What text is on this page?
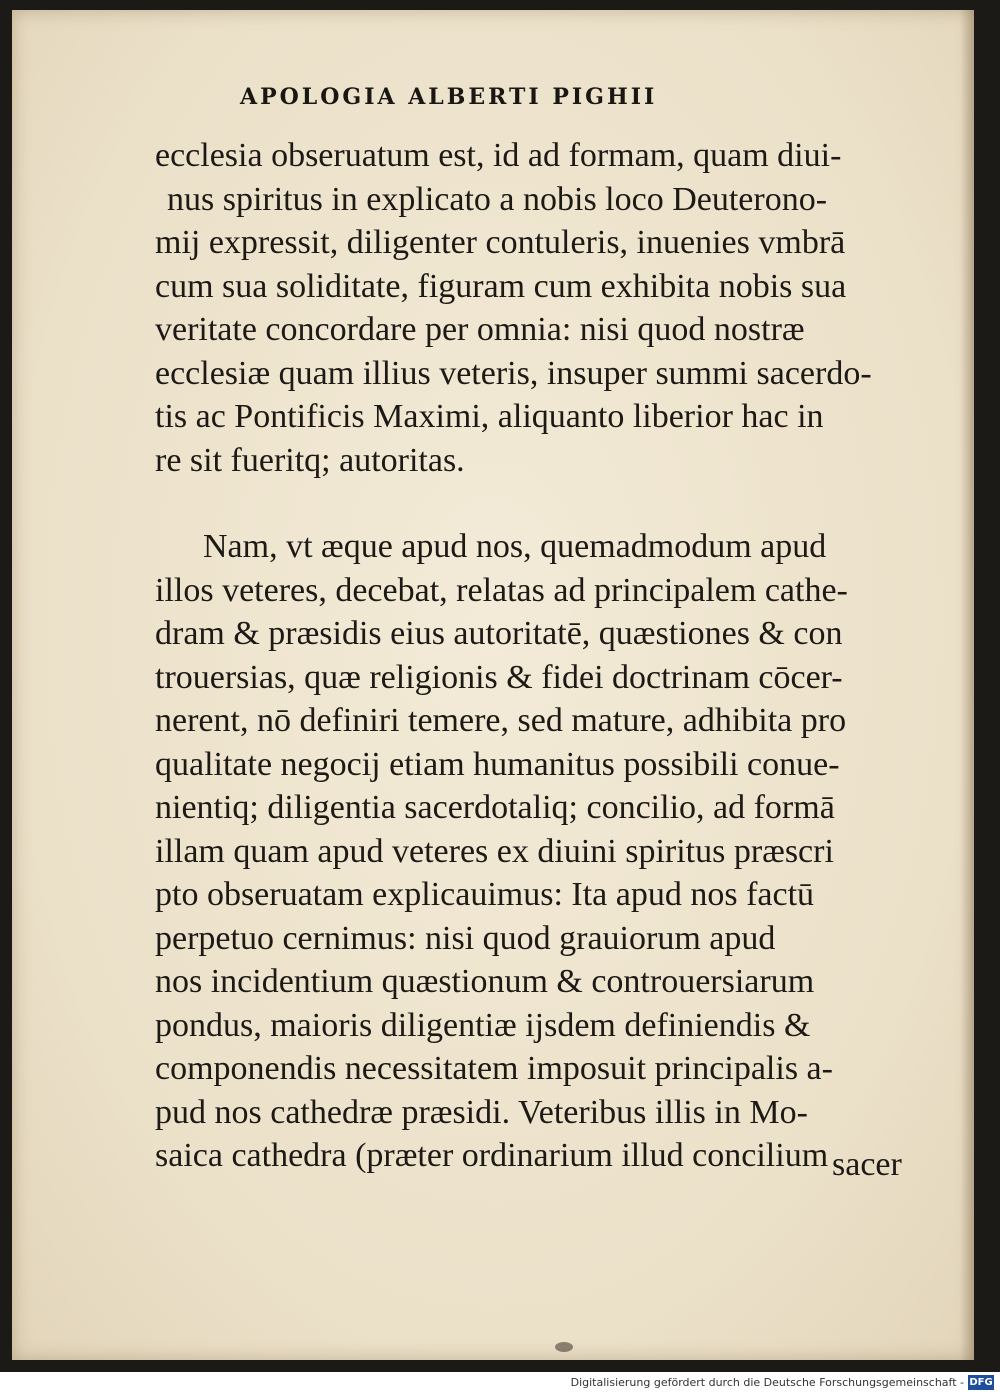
APOLOGIA ALBERTI PIGHII
ecclesia obseruatum est, id ad formam, quam diui-
nus spiritus in explicato a nobis loco Deuterono-
mij expressit, diligenter contuleris, inuenies vmbrā
cum sua soliditate, figuram cum exhibita nobis sua
veritate concordare per omnia: nisi quod nostræ
ecclesiæ quam illius veteris, insuper summi sacerdo-
tis ac Pontificis Maximi, aliquanto liberior hac in
re sit fueritq; autoritas.
Nam, vt æque apud nos, quemadmodum apud
illos veteres, decebat, relatas ad principalem cathe-
dram & præsidis eius autoritatē, quæstiones & con
trouersias, quæ religionis & fidei doctrinam cōcer-
nerent, nō definiri temere, sed mature, adhibita pro
qualitate negocij etiam humanitus possibili conue-
nientiq; diligentia sacerdotaliq; concilio, ad formā
illam quam apud veteres ex diuini spiritus præscri
pto obseruatam explicauimus: Ita apud nos factū
perpetuo cernimus: nisi quod grauiorum apud
nos incidentium quæstionum & controuersiarum
pondus, maioris diligentiæ ijsdem definiendis &
componendis necessitatem imposuit principalis a-
pud nos cathedræ præsidi. Veteribus illis in Mo-
saica cathedra (præter ordinarium illud concilium sacer
Digitalisierung gefördert durch die Deutsche Forschungsgemeinschaft - DFG
